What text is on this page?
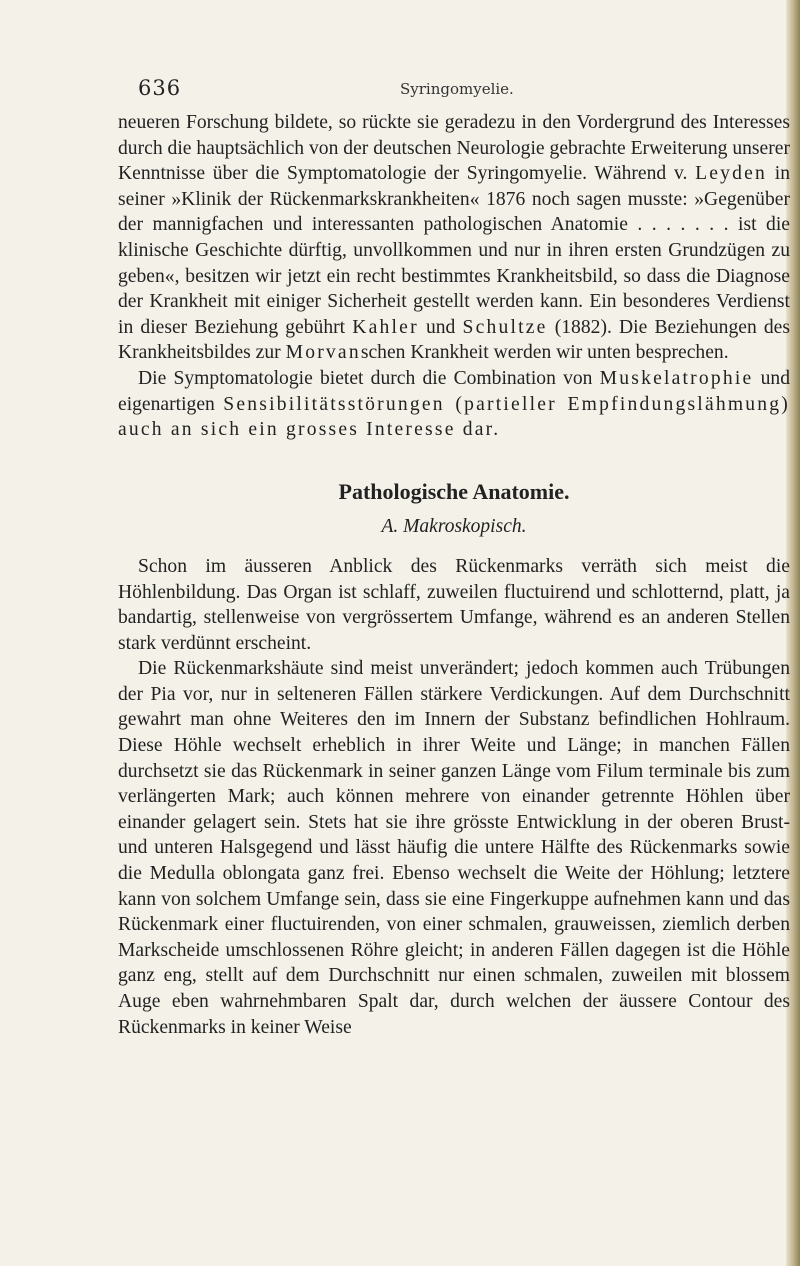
636	Syringomyelie.

neueren Forschung bildete, so rückte sie geradezu in den Vordergrund des Interesses durch die hauptsächlich von der deutschen Neurologie gebrachte Erweiterung unserer Kenntnisse über die Symptomatologie der Syringomyelie. Während v. Leyden in seiner »Klinik der Rückenmarkskrankheiten« 1876 noch sagen musste: »Gegenüber der mannigfachen und interessanten pathologischen Anatomie . . . . . . . ist die klinische Geschichte dürftig, unvollkommen und nur in ihren ersten Grundzügen zu geben«, besitzen wir jetzt ein recht bestimmtes Krankheitsbild, so dass die Diagnose der Krankheit mit einiger Sicherheit gestellt werden kann. Ein besonderes Verdienst in dieser Beziehung gebührt Kahler und Schultze (1882). Die Beziehungen des Krankheitsbildes zur Morvanschen Krankheit werden wir unten besprechen.

Die Symptomatologie bietet durch die Combination von Muskelatrophie und eigenartigen Sensibilitätsstörungen (partieller Empfindungslähmung) auch an sich ein grosses Interesse dar.

Pathologische Anatomie.
A. Makroskopisch.

Schon im äusseren Anblick des Rückenmarks verräth sich meist die Höhlenbildung. Das Organ ist schlaff, zuweilen fluctuirend und schlotternd, platt, ja bandartig, stellenweise von vergrössertem Umfange, während es an anderen Stellen stark verdünnt erscheint.

Die Rückenmarkshäute sind meist unverändert; jedoch kommen auch Trübungen der Pia vor, nur in selteneren Fällen stärkere Verdickungen. Auf dem Durchschnitt gewahrt man ohne Weiteres den im Innern der Substanz befindlichen Hohlraum. Diese Höhle wechselt erheblich in ihrer Weite und Länge; in manchen Fällen durchsetzt sie das Rückenmark in seiner ganzen Länge vom Filum terminale bis zum verlängerten Mark; auch können mehrere von einander getrennte Höhlen über einander gelagert sein. Stets hat sie ihre grösste Entwicklung in der oberen Brust- und unteren Halsgegend und lässt häufig die untere Hälfte des Rückenmarks sowie die Medulla oblongata ganz frei. Ebenso wechselt die Weite der Höhlung; letztere kann von solchem Umfange sein, dass sie eine Fingerkuppe aufnehmen kann und das Rückenmark einer fluctuirenden, von einer schmalen, grauweissen, ziemlich derben Markscheide umschlossenen Röhre gleicht; in anderen Fällen dagegen ist die Höhle ganz eng, stellt auf dem Durchschnitt nur einen schmalen, zuweilen mit blossem Auge eben wahrnehmbaren Spalt dar, durch welchen der äussere Contour des Rückenmarks in keiner Weise
